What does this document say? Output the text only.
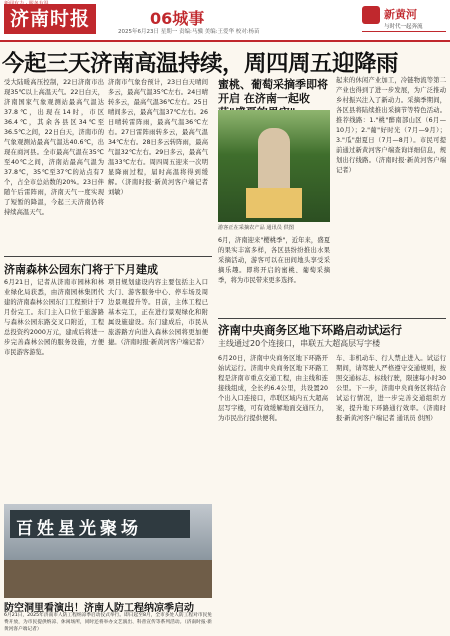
济南时报	06城事
2025年6月23日 星期一 责编:马骥 美编:王爱华 校对:杨苗
新黄河
与时代一起奔流
今起三天济南高温持续，周四周五迎降雨

受大陆暖高压控制，22日济南市出现35℃以上高温天气。22日白天，济南国家气象观测站最高气温达37.8℃，出现在14时，市区36.4℃，其余各县区34℃至36.5℃之间，22日白天，济南市的气象观测站最高气温达40.6℃，出现在商河县。全市最高气温在35℃至40℃之间，济南站最高气温为37.8℃，35℃至37℃的站点有7个，占全市总站数的20%。23日伴随午后雷阵雨，济南天气一度实现了短暂的降温，今起三天济南仍将持续高温天气。

济南市气象台预计，23日白天晴间多云，最高气温35℃左右。24日晴转多云，最高气温36℃左右。25日晴间多云，最高气温37℃左右。26日晴转雷阵雨，最高气温36℃左右。27日雷阵雨转多云，最高气温34℃左右。28日多云转阵雨，最高气温32℃左右。29日多云，最高气温33℃左右。周四周五迎来一次明显降雨过程，届时高温将得到缓解。（济南时报·新黄河客户端记者 刘敏）

蜜桃、葡萄采摘季即将开启 在济南一起收
游客正在采摘农产品 通讯员 供图

6月，济南迎来"樱桃季"，近年来，盛夏的果实丰富多样，各区县纷纷推出水果采摘活动，游客可以在田间地头享受采摘乐趣。即将开启的蜜桃、葡萄采摘季，将为市民带来更多选择。

起来的休闲产业加工，冷链物流等第二产业也得到了进一步发展，为广泛推动乡村振兴注入了新动力。采摘季期间，各区县将陆续推出采摘节等特色活动。推荐线路：1."桃"醉南部山区（6月—10月）；2."葡"好时光（7月—9月）；3."瓜"甜夏日（7月—8月）。市民可提前通过新黄河客户端查询详细信息，规划出行线路。（济南时报·新黄河客户端记者）

济南森林公园东门将于下月建成

6月21日，记者从济南市园林和林业绿化局获悉，由济南园林集团代建的济南森林公园东门工程预计于7月份完工。东门主入口位于旅游路与森林公园东路交叉口附近，工程总投资约2000万元，建成后将进一步完善森林公园的服务设施，方便市民游客游览。

项目规划建设内容主要包括主入口大门、游客服务中心、停车场及周边景观提升等。目前，主体工程已基本完工，正在进行景观绿化和附属设施建设。东门建成后，市民从旅游路方向进入森林公园将更加便捷。（济南时报·新黄河客户端记者）

百姓星光聚场
防空洞里看演出！济南人防工程纳凉季启动

6月21日，2025年济南市人防工程纳凉季启动仪式举行。即日起至8月，全市多处人防工程对市民免费开放，为市民提供纳凉、休闲场所，同时还将举办文艺演出、科普宣传等系列活动。（济南时报·新黄河客户端记者）

济南中央商务区地下环路启动试运行
主线通过20个连接口，串联五大超高层写字楼

6月20日，济南中央商务区地下环路开始试运行。济南中央商务区地下环路工程是济南市重点交通工程，由主线和连接线组成，全长约6.4公里，共设置20个出入口连接口，串联区域内五大超高层写字楼，可有效缓解地面交通压力，为市民出行提供便利。

车、非机动车、行人禁止进入。试运行期间，请驾驶人严格遵守交通规则，按照交通标志、标线行驶，限速每小时30公里。下一步，济南中央商务区将结合试运行情况，进一步完善交通组织方案，提升地下环路通行效率。（济南时报·新黄河客户端记者 通讯员 供图）
